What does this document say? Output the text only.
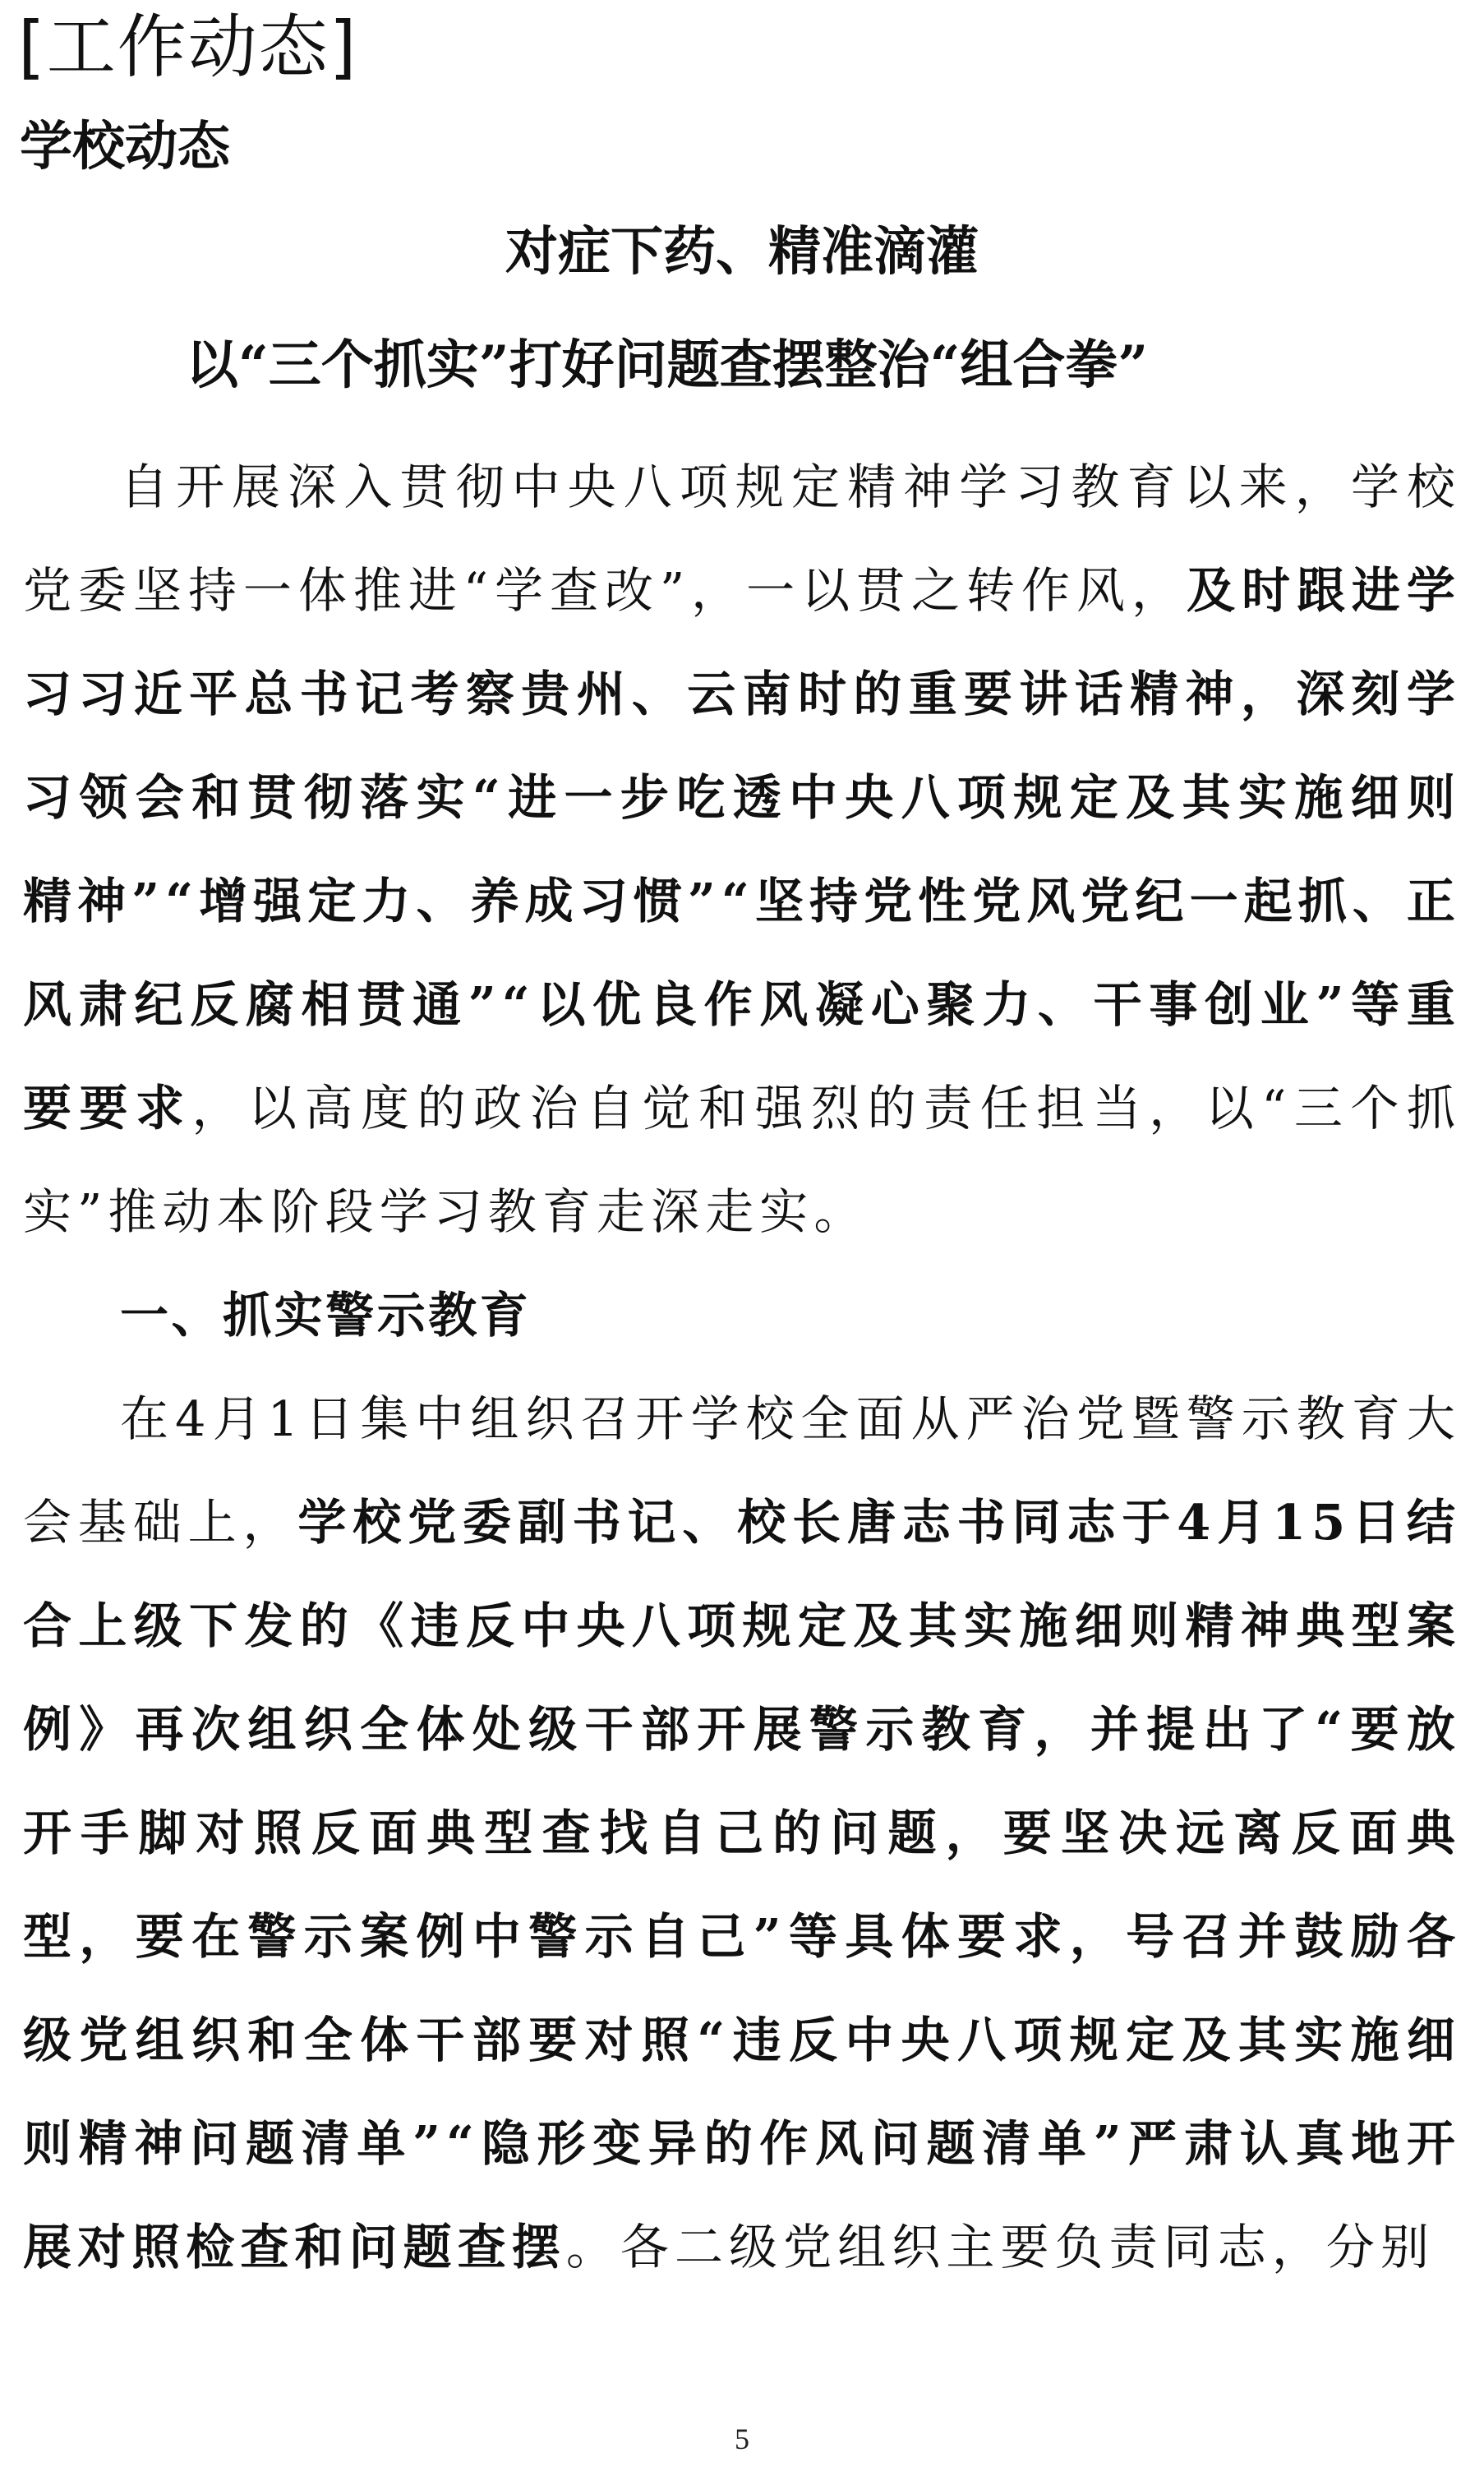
[工作动态]
学校动态
对症下药、精准滴灌
以“三个抓实”打好问题查摆整治“组合拳”

自开展深入贯彻中央八项规定精神学习教育以来，学校党委坚持一体推进“学查改”，一以贯之转作风，及时跟进学习习近平总书记考察贵州、云南时的重要讲话精神，深刻学习领会和贯彻落实“进一步吃透中央八项规定及其实施细则精神”“增强定力、养成习惯”“坚持党性党风党纪一起抓、正风肃纪反腐相贯通”“以优良作风凝心聚力、干事创业”等重要要求，以高度的政治自觉和强烈的责任担当，以“三个抓实”推动本阶段学习教育走深走实。

一、抓实警示教育

在4月1日集中组织召开学校全面从严治党暨警示教育大会基础上，学校党委副书记、校长唐志书同志于4月15日结合上级下发的《违反中央八项规定及其实施细则精神典型案例》再次组织全体处级干部开展警示教育，并提出了“要放开手脚对照反面典型查找自己的问题，要坚决远离反面典型，要在警示案例中警示自己”等具体要求，号召并鼓励各级党组织和全体干部要对照“违反中央八项规定及其实施细则精神问题清单”“隐形变异的作风问题清单”严肃认真地开展对照检查和问题查摆。各二级党组织主要负责同志，分别

5
